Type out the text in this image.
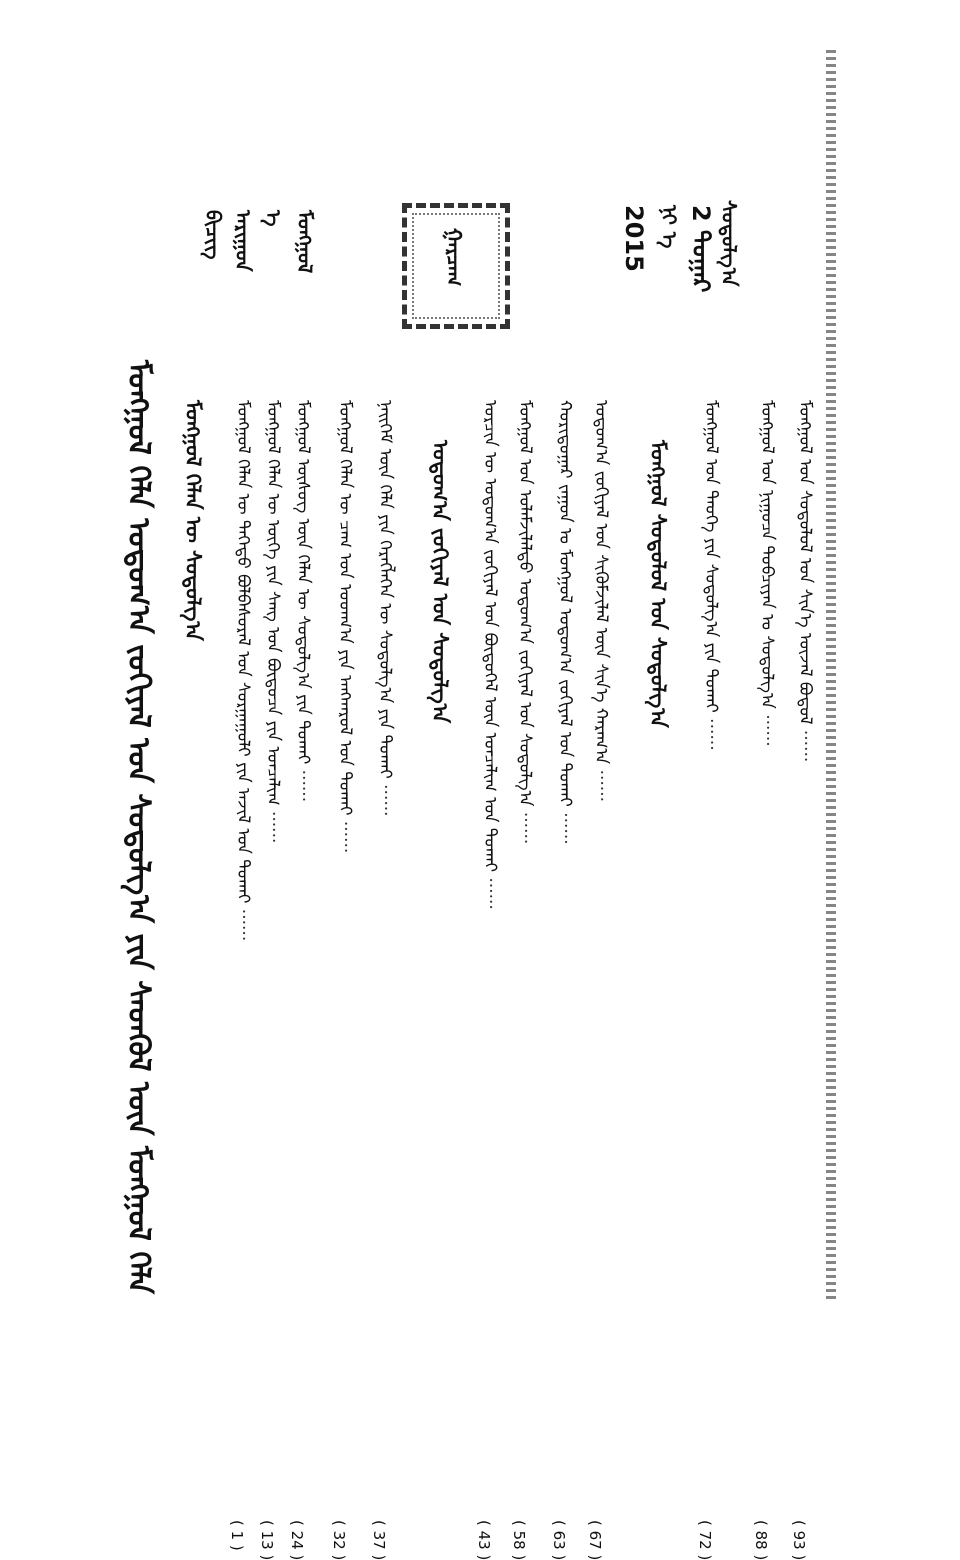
ᠰᠤᠳᠤᠯᠭ᠎ᠠ
2 ᠳᠤᠭᠠᠷ
ᠨᠢ ᠡ
2015
ᠭᠠᠷᠴᠠᠭ
ᠮᠣᠩᠭᠣᠯ
ᠡ
ᠠᠷᠢᠭᠤᠨ
ᠪᠢᠴᠢᠭ
ᠮᠣᠩᠭᠣᠯ ᠬᠡᠯᠡ ᠤᠲᠤᠬ᠎ᠠ ᠵᠣᠬᠢᠶᠠᠯ ᠤᠨ ᠰᠤᠳᠤᠯᠭ᠎ᠠ ᠶᠢᠨ ᠰᠡᠳᠬᠦᠯ ᠦᠨ ᠮᠣᠩᠭᠣᠯ ᠬᠡᠯᠡ	ᠮᠣᠩᠭᠣᠯ ᠬᠡᠯᠡᠨ ᠦ ᠰᠤᠳᠤᠯᠭ᠎ᠠ	ᠮᠣᠩᠭᠣᠯ ᠬᠡᠯᠡᠨ ᠦ ᠳᠡᠭᠡᠳᠦ ᠪᠣᠯᠪᠠᠰᠤᠷᠠᠯ ᠤᠨ ᠰᠤᠷᠭᠠᠭᠤᠯᠢ ᠶᠢᠨ ᠠᠵᠢᠯ ᠤᠨ ᠲᠤᠬᠠᠢ ······
( 1 )
ᠮᠣᠩᠭᠣᠯ ᠬᠡᠯᠡᠨ ᠦ ᠦᠭᠡ ᠶᠢᠨ ᠰᠠᠩ ᠤᠨ ᠪᠦᠲᠦᠴᠡ ᠶᠢᠨ ᠣᠨᠴᠠᠯᠢᠭ ······
( 13 )
ᠮᠣᠩᠭᠣᠯ ᠦᠰᠦᠭ ᠦᠨ ᠬᠡᠯᠡᠨ ᠦ ᠰᠤᠳᠤᠯᠭ᠎ᠠ ᠶᠢᠨ ᠲᠤᠬᠠᠢ ······
( 24 )
ᠮᠣᠩᠭᠣᠯ ᠬᠡᠯᠡᠨ ᠦ ᠴᠠᠭ ᠤᠨ ᠤᠳᠬ᠎ᠠ ᠶᠢᠨ ᠠᠩᠬᠠᠷᠤᠯ ᠤᠨ ᠲᠤᠬᠠᠢ ······
( 32 )
ᠨᠡᠢᠭᠡᠮ ᠦᠨ ᠬᠡᠯᠡ ᠶᠢᠨ ᠬᠡᠷᠡᠭᠯᠡᠭᠡᠨ ᠦ ᠰᠤᠳᠤᠯᠭ᠎ᠠ ᠶᠢᠨ ᠲᠤᠬᠠᠢ ······
( 37 )
ᠤᠲᠤᠬ᠎ᠠ ᠵᠣᠬᠢᠶᠠᠯ ᠤᠨ ᠰᠤᠳᠤᠯᠭ᠎ᠠ	ᠣᠷᠴᠢᠨ ᠦ ᠤᠲᠤᠬ᠎ᠠ ᠵᠣᠬᠢᠶᠠᠯ ᠤᠨ ᠪᠦᠲᠦᠭᠡᠯ ᠦᠨ ᠣᠨᠴᠠᠯᠢᠭ ᠤᠨ ᠲᠤᠬᠠᠢ ······
( 43 )
ᠮᠣᠩᠭᠣᠯ ᠤᠨ ᠤᠯᠠᠮᠵᠢᠯᠠᠯᠲᠤ ᠤᠲᠤᠬ᠎ᠠ ᠵᠣᠬᠢᠶᠠᠯ ᠤᠨ ᠰᠤᠳᠤᠯᠭ᠎ᠠ ······
( 58 )
ᠬᠣᠷᠢᠳᠤᠭᠠᠷ ᠵᠠᠭᠤᠨ ᠤ ᠮᠣᠩᠭᠣᠯ ᠤᠲᠤᠬ᠎ᠠ ᠵᠣᠬᠢᠶᠠᠯ ᠤᠨ ᠲᠤᠬᠠᠢ ······
( 63 )
ᠤᠲᠤᠬ᠎ᠠ ᠵᠣᠬᠢᠶᠠᠯ ᠤᠨ ᠰᠢᠭᠦᠮᠵᠢᠯᠡᠯ ᠦᠨ ᠰᠢᠨ᠎ᠡ ᠬᠠᠷᠠᠭ᠎ᠠ ······
( 67 )
ᠮᠣᠩᠭᠣᠯ ᠰᠤᠳᠤᠯᠤᠯ ᠤᠨ ᠰᠤᠳᠤᠯᠭ᠎ᠠ	ᠮᠣᠩᠭᠣᠯ ᠤᠨ ᠲᠡᠦᠬᠡ ᠶᠢᠨ ᠰᠤᠳᠤᠯᠭ᠎ᠠ ᠶᠢᠨ ᠲᠤᠬᠠᠢ ······
( 72 )
ᠮᠣᠩᠭᠣᠯ ᠤᠨ ᠨᠢᠭᠤᠴᠠ ᠲᠣᠪᠴᠢᠶᠠᠨ ᠤ ᠰᠤᠳᠤᠯᠭ᠎ᠠ ······
( 88 )
ᠮᠣᠩᠭᠣᠯ ᠤᠨ ᠰᠤᠳᠤᠯᠤᠯ ᠤᠨ ᠰᠢᠨ᠎ᠡ ᠦᠵᠡᠯ ᠪᠣᠳᠤᠯ ······
( 93 )
